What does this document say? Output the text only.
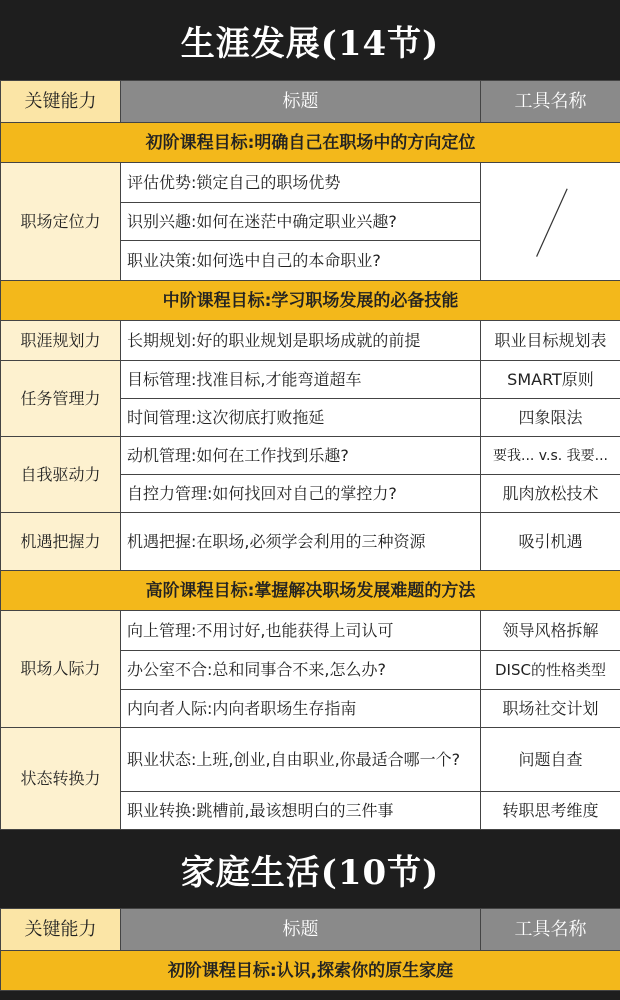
生涯发展(14节)
关键能力	标题	工具名称
初阶课程目标:明确自己在职场中的方向定位		
职场定位力	评估优势:锁定自己的职场优势	

	识别兴趣:如何在迷茫中确定职业兴趣?	
	职业决策:如何选中自己的本命职业?	
中阶课程目标:学习职场发展的必备技能		
职涯规划力	长期规划:好的职业规划是职场成就的前提	职业目标规划表
任务管理力	目标管理:找准目标,才能弯道超车	SMART原则
	时间管理:这次彻底打败拖延	四象限法
自我驱动力	动机管理:如何在工作找到乐趣?	要我... v.s. 我要...
	自控力管理:如何找回对自己的掌控力?	肌肉放松技术
机遇把握力	机遇把握:在职场,必须学会利用的三种资源	吸引机遇
高阶课程目标:掌握解决职场发展难题的方法		
职场人际力	向上管理:不用讨好,也能获得上司认可	领导风格拆解
	办公室不合:总和同事合不来,怎么办?	DISC的性格类型
	内向者人际:内向者职场生存指南	职场社交计划
状态转换力	职业状态:上班,创业,自由职业,你最适合哪一个?	问题自查
	职业转换:跳槽前,最该想明白的三件事	转职思考维度
家庭生活(10节)
关键能力	标题	工具名称
初阶课程目标:认识,探索你的原生家庭
